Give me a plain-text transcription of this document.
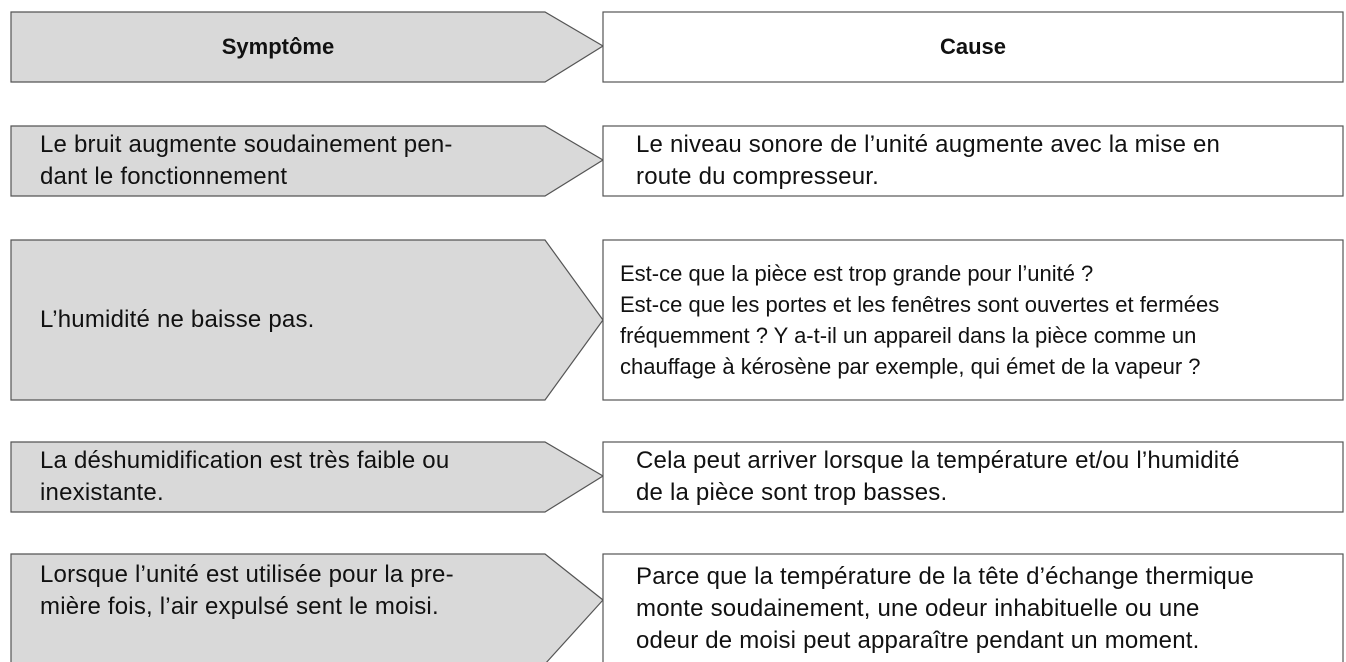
Symptôme	Cause
Le bruit augmente soudainement pen-
dant le fonctionnement
Le niveau sonore de l’unité augmente avec la mise en
route du compresseur.
L’humidité ne baisse pas.
Est-ce que la pièce est trop grande pour l’unité ?
Est-ce que les portes et les fenêtres sont ouvertes et fermées
fréquemment ? Y a-t-il un appareil dans la pièce comme un
chauffage à kérosène par exemple, qui émet de la vapeur ?
La déshumidification est très faible ou
inexistante.
Cela peut arriver lorsque la température et/ou l’humidité
de la pièce sont trop basses.
Lorsque l’unité est utilisée pour la pre-
mière fois, l’air expulsé sent le moisi.
Parce que la température de la tête d’échange thermique
monte soudainement, une odeur inhabituelle ou une
odeur de moisi peut apparaître pendant un moment.
